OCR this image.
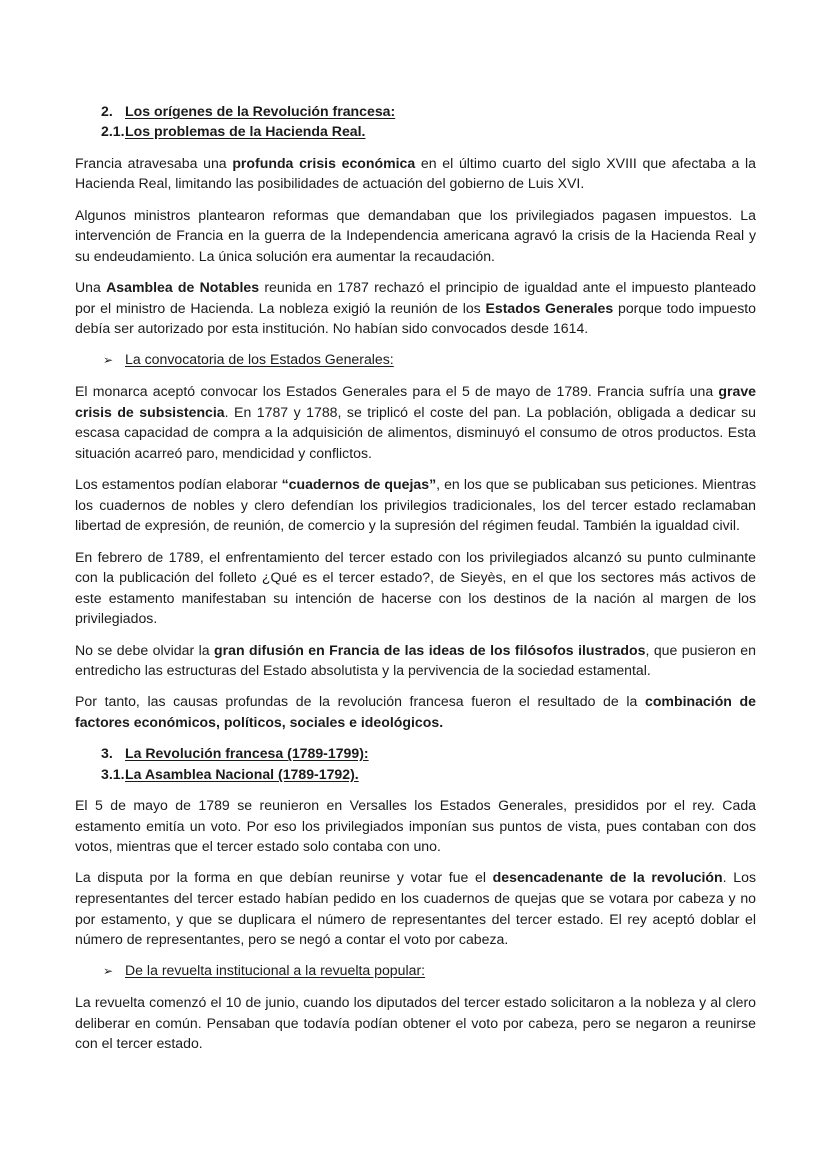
2. Los orígenes de la Revolución francesa:
2.1. Los problemas de la Hacienda Real.

Francia atravesaba una profunda crisis económica en el último cuarto del siglo XVIII que afectaba a la Hacienda Real, limitando las posibilidades de actuación del gobierno de Luis XVI.

Algunos ministros plantearon reformas que demandaban que los privilegiados pagasen impuestos. La intervención de Francia en la guerra de la Independencia americana agravó la crisis de la Hacienda Real y su endeudamiento. La única solución era aumentar la recaudación.

Una Asamblea de Notables reunida en 1787 rechazó el principio de igualdad ante el impuesto planteado por el ministro de Hacienda. La nobleza exigió la reunión de los Estados Generales porque todo impuesto debía ser autorizado por esta institución. No habían sido convocados desde 1614.

➢ La convocatoria de los Estados Generales:

El monarca aceptó convocar los Estados Generales para el 5 de mayo de 1789. Francia sufría una grave crisis de subsistencia. En 1787 y 1788, se triplicó el coste del pan. La población, obligada a dedicar su escasa capacidad de compra a la adquisición de alimentos, disminuyó el consumo de otros productos. Esta situación acarreó paro, mendicidad y conflictos.

Los estamentos podían elaborar “cuadernos de quejas”, en los que se publicaban sus peticiones. Mientras los cuadernos de nobles y clero defendían los privilegios tradicionales, los del tercer estado reclamaban libertad de expresión, de reunión, de comercio y la supresión del régimen feudal. También la igualdad civil.

En febrero de 1789, el enfrentamiento del tercer estado con los privilegiados alcanzó su punto culminante con la publicación del folleto ¿Qué es el tercer estado?, de Sieyès, en el que los sectores más activos de este estamento manifestaban su intención de hacerse con los destinos de la nación al margen de los privilegiados.

No se debe olvidar la gran difusión en Francia de las ideas de los filósofos ilustrados, que pusieron en entredicho las estructuras del Estado absolutista y la pervivencia de la sociedad estamental.

Por tanto, las causas profundas de la revolución francesa fueron el resultado de la combinación de factores económicos, políticos, sociales e ideológicos.

3. La Revolución francesa (1789-1799):
3.1. La Asamblea Nacional (1789-1792).

El 5 de mayo de 1789 se reunieron en Versalles los Estados Generales, presididos por el rey. Cada estamento emitía un voto. Por eso los privilegiados imponían sus puntos de vista, pues contaban con dos votos, mientras que el tercer estado solo contaba con uno.

La disputa por la forma en que debían reunirse y votar fue el desencadenante de la revolución. Los representantes del tercer estado habían pedido en los cuadernos de quejas que se votara por cabeza y no por estamento, y que se duplicara el número de representantes del tercer estado. El rey aceptó doblar el número de representantes, pero se negó a contar el voto por cabeza.

➢ De la revuelta institucional a la revuelta popular:

La revuelta comenzó el 10 de junio, cuando los diputados del tercer estado solicitaron a la nobleza y al clero deliberar en común. Pensaban que todavía podían obtener el voto por cabeza, pero se negaron a reunirse con el tercer estado.
